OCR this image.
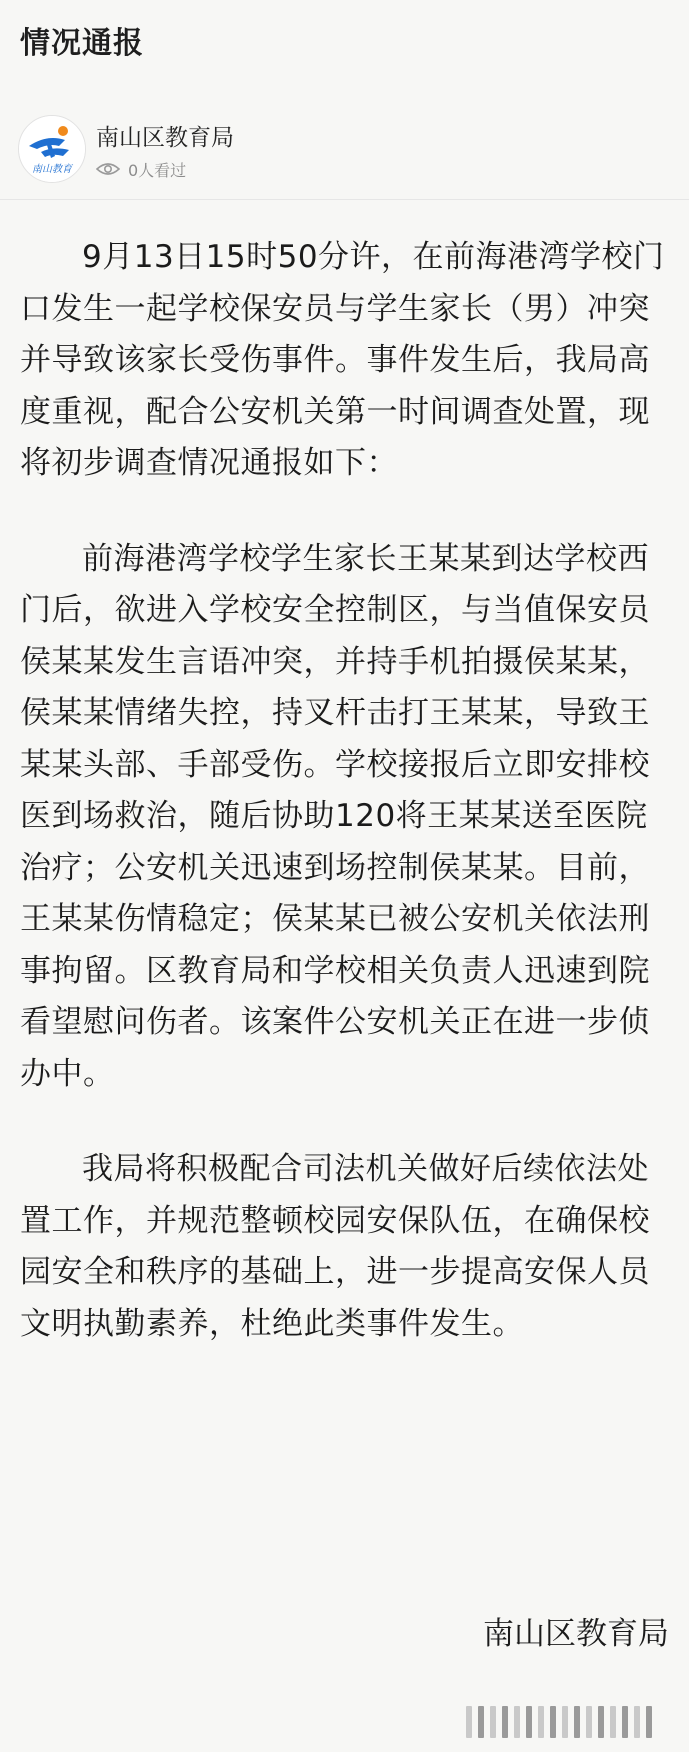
情况通报
南山教育
南山区教育局
0人看过

9月13日15时50分许，在前海港湾学校门口发生一起学校保安员与学生家长（男）冲突并导致该家长受伤事件。事件发生后，我局高度重视，配合公安机关第一时间调查处置，现将初步调查情况通报如下：

前海港湾学校学生家长王某某到达学校西门后，欲进入学校安全控制区，与当值保安员侯某某发生言语冲突，并持手机拍摄侯某某，侯某某情绪失控，持叉杆击打王某某，导致王某某头部、手部受伤。学校接报后立即安排校医到场救治，随后协助120将王某某送至医院治疗；公安机关迅速到场控制侯某某。目前，王某某伤情稳定；侯某某已被公安机关依法刑事拘留。区教育局和学校相关负责人迅速到院看望慰问伤者。该案件公安机关正在进一步侦办中。

我局将积极配合司法机关做好后续依法处置工作，并规范整顿校园安保队伍，在确保校园安全和秩序的基础上，进一步提高安保人员文明执勤素养，杜绝此类事件发生。

南山区教育局
